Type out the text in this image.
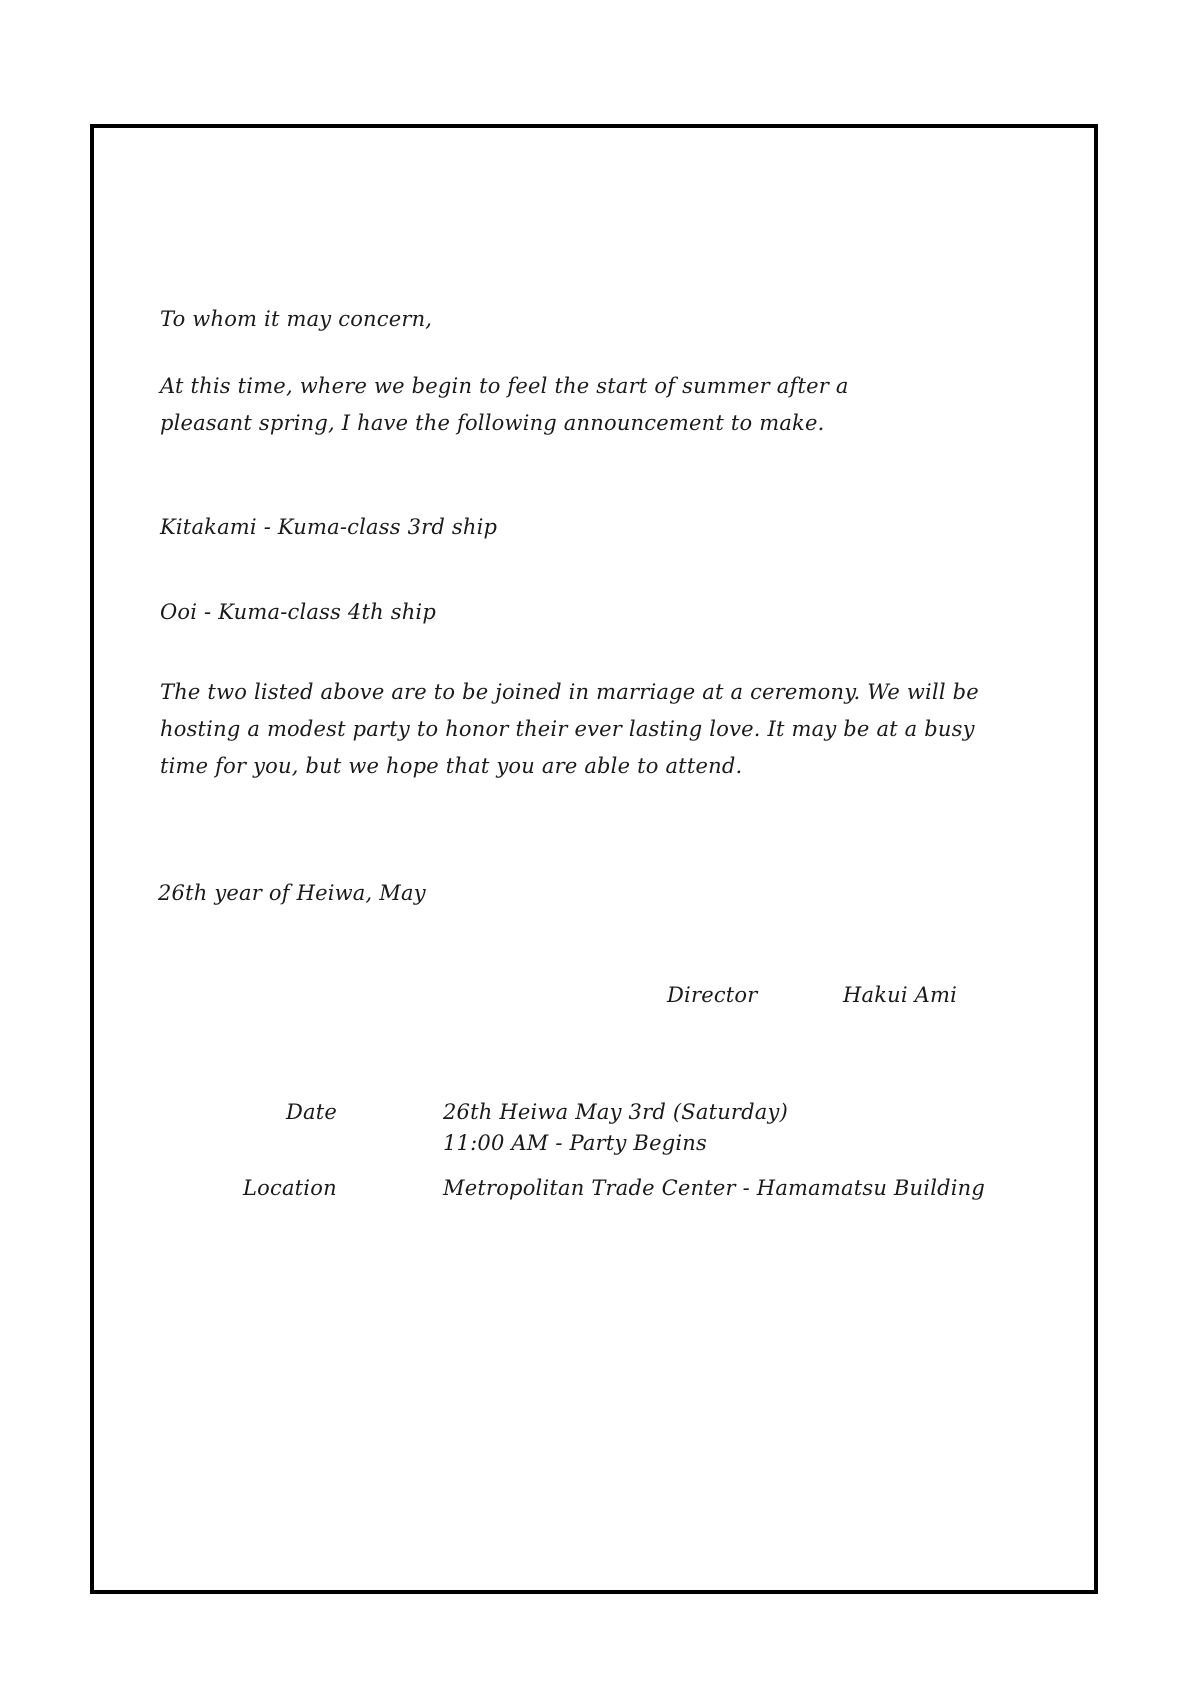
To whom it may concern,
At this time, where we begin to feel the start of summer after a
pleasant spring, I have the following announcement to make.
Kitakami - Kuma-class 3rd ship
Ooi - Kuma-class 4th ship
The two listed above are to be joined in marriage at a ceremony. We will be
hosting a modest party to honor their ever lasting love. It may be at a busy
time for you, but we hope that you are able to attend.
26th year of Heiwa, May
Director	Hakui Ami
Date	26th Heiwa May 3rd (Saturday)
11:00 AM - Party Begins
Location	Metropolitan Trade Center - Hamamatsu Building
